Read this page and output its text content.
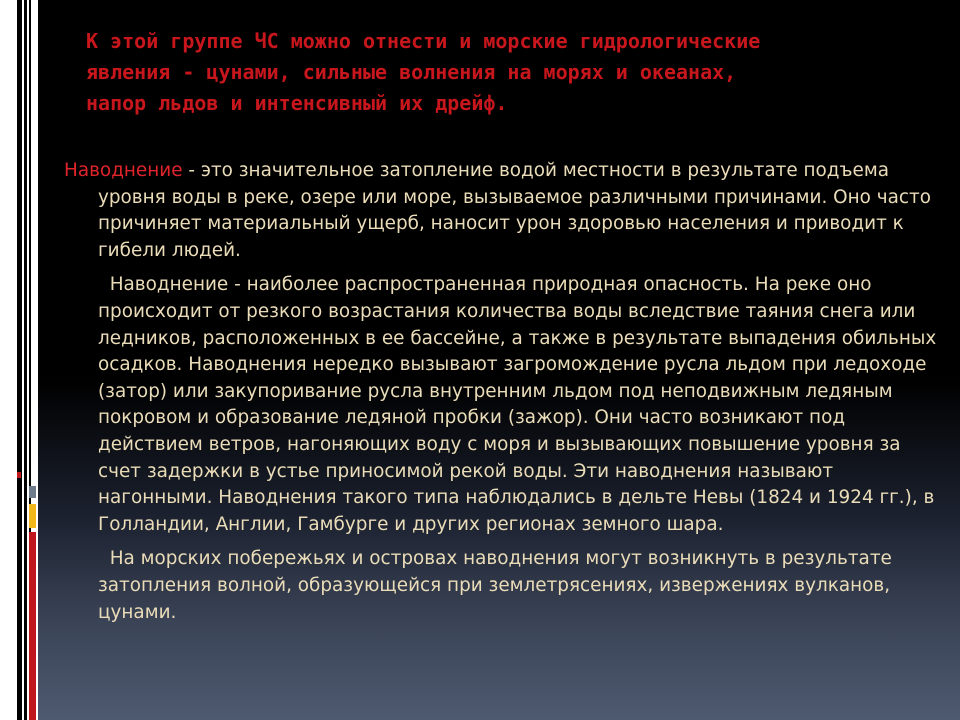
К этой группе ЧС можно отнести и морские гидрологические
явления - цунами, сильные волнения на морях и океанах,
напор льдов и интенсивный их дрейф.

Наводнение - это значительное затопление водой местности в результате подъема уровня воды в реке, озере или море, вызываемое различными причинами. Оно часто причиняет материальный ущерб, наносит урон здоровью населения и приводит к гибели людей.

Наводнение - наиболее распространенная природная опасность. На реке оно происходит от резкого возрастания количества воды вследствие таяния снега или ледников, расположенных в ее бассейне, а также в результате выпадения обильных осадков. Наводнения нередко вызывают загромождение русла льдом при ледоходе (затор) или закупоривание русла внутренним льдом под неподвижным ледяным покровом и образование ледяной пробки (зажор). Они часто возникают под действием ветров, нагоняющих воду с моря и вызывающих повышение уровня за счет задержки в устье приносимой рекой воды. Эти наводнения называют нагонными. Наводнения такого типа наблюдались в дельте Невы (1824 и 1924 гг.), в Голландии, Англии, Гамбурге и других регионах земного шара.

На морских побережьях и островах наводнения могут возникнуть в результате затопления волной, образующейся при землетрясениях, извержениях вулканов, цунами.
